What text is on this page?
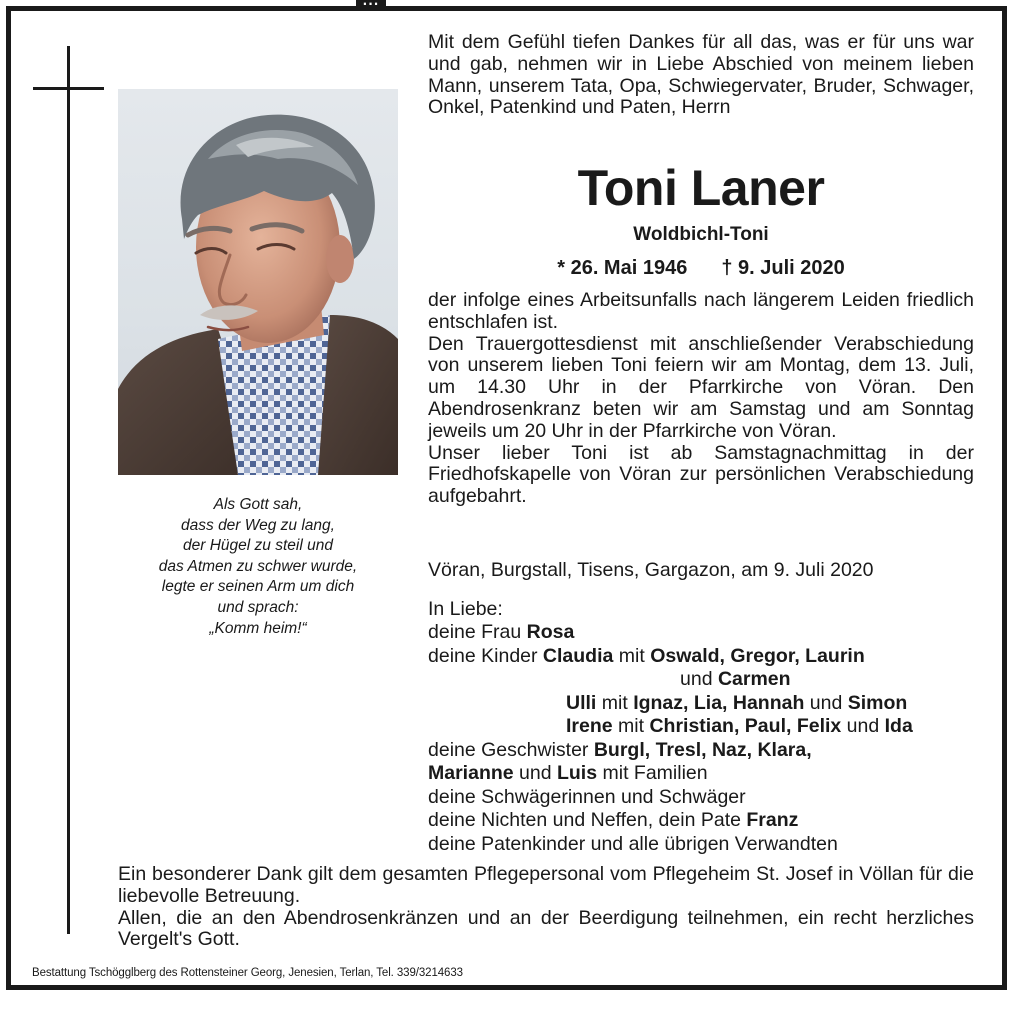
Als Gott sah,
dass der Weg zu lang,
der Hügel zu steil und
das Atmen zu schwer wurde,
legte er seinen Arm um dich
und sprach:
„Komm heim!“
Mit dem Gefühl tiefen Dankes für all das, was er für uns war und gab, nehmen wir in Liebe Abschied von meinem lieben Mann, unserem Tata, Opa, Schwiegervater, Bruder, Schwager, Onkel, Patenkind und Paten, Herrn
Toni Laner
Woldbichl-Toni
* 26. Mai 1946 † 9. Juli 2020

der infolge eines Arbeitsunfalls nach längerem Leiden friedlich entschlafen ist.

Den Trauergottesdienst mit anschließender Verabschiedung von unserem lieben Toni feiern wir am Montag, dem 13. Juli, um 14.30 Uhr in der Pfarrkirche von Vöran. Den Abendrosenkranz beten wir am Samstag und am Sonntag jeweils um 20 Uhr in der Pfarrkirche von Vöran.

Unser lieber Toni ist ab Samstagnachmittag in der Friedhofskapelle von Vöran zur persönlichen Verabschiedung aufgebahrt.

Vöran, Burgstall, Tisens, Gargazon, am 9. Juli 2020
In Liebe:
deine Frau Rosa
deine Kinder Claudia mit Oswald, Gregor, Laurin
und Carmen
Ulli mit Ignaz, Lia, Hannah und Simon
Irene mit Christian, Paul, Felix und Ida
deine Geschwister Burgl, Tresl, Naz, Klara,
Marianne und Luis mit Familien
deine Schwägerinnen und Schwäger
deine Nichten und Neffen, dein Pate Franz
deine Patenkinder und alle übrigen Verwandten

Ein besonderer Dank gilt dem gesamten Pflegepersonal vom Pflegeheim St. Josef in Völlan für die liebevolle Betreuung.

Allen, die an den Abendrosenkränzen und an der Beerdigung teilnehmen, ein recht herzliches Vergelt's Gott.

Bestattung Tschögglberg des Rottensteiner Georg, Jenesien, Terlan, Tel. 339/3214633
